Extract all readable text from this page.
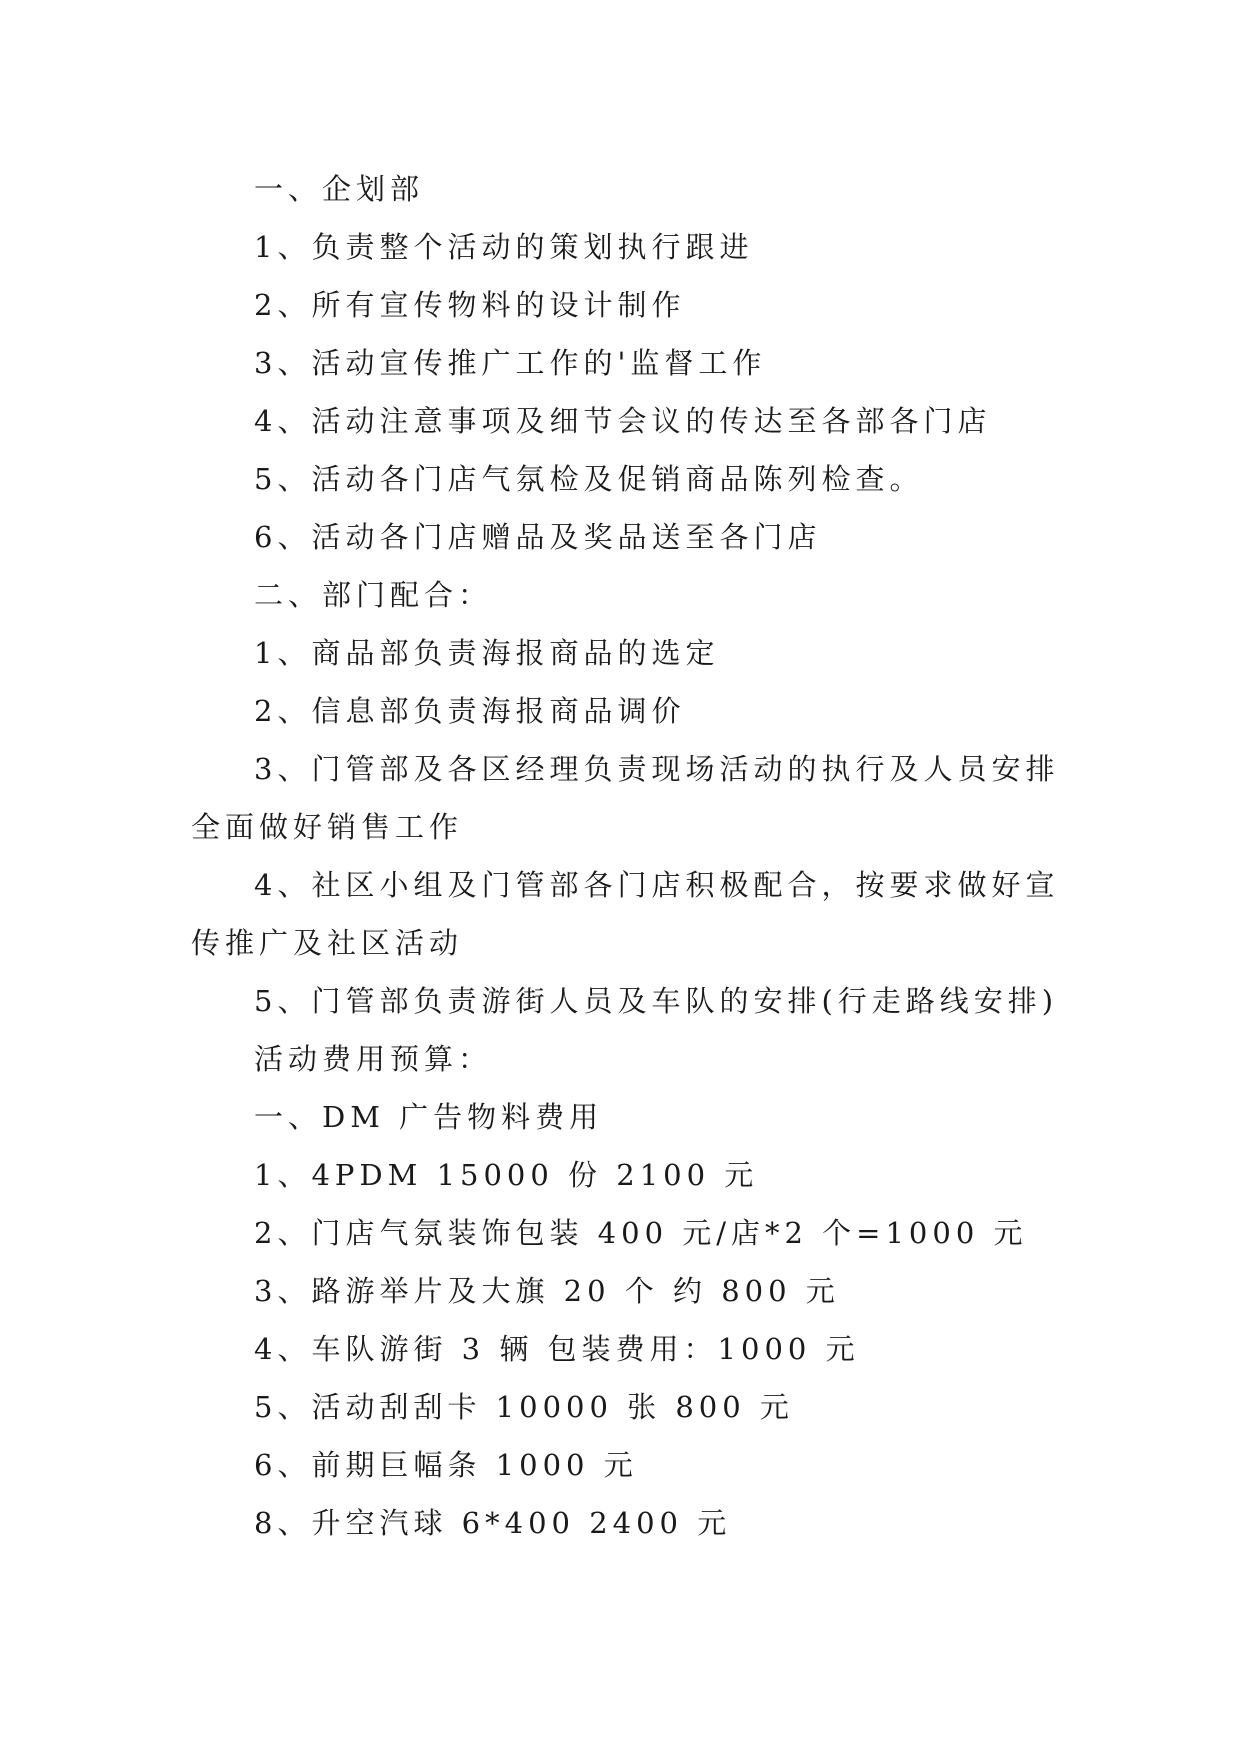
一、企划部
1、负责整个活动的策划执行跟进
2、所有宣传物料的设计制作
3、活动宣传推广工作的'监督工作
4、活动注意事项及细节会议的传达至各部各门店
5、活动各门店气氛检及促销商品陈列检查。
6、活动各门店赠品及奖品送至各门店
二、部门配合：
1、商品部负责海报商品的选定
2、信息部负责海报商品调价
3、门管部及各区经理负责现场活动的执行及人员安排
全面做好销售工作
4、社区小组及门管部各门店积极配合，按要求做好宣
传推广及社区活动
5、门管部负责游街人员及车队的安排(行走路线安排)
活动费用预算：
一、DM 广告物料费用
1、4PDM 15000 份 2100 元
2、门店气氛装饰包装 400 元/店*2 个=1000 元
3、路游举片及大旗 20 个 约 800 元
4、车队游街 3 辆 包装费用：1000 元
5、活动刮刮卡 10000 张 800 元
6、前期巨幅条 1000 元
8、升空汽球 6*400 2400 元
